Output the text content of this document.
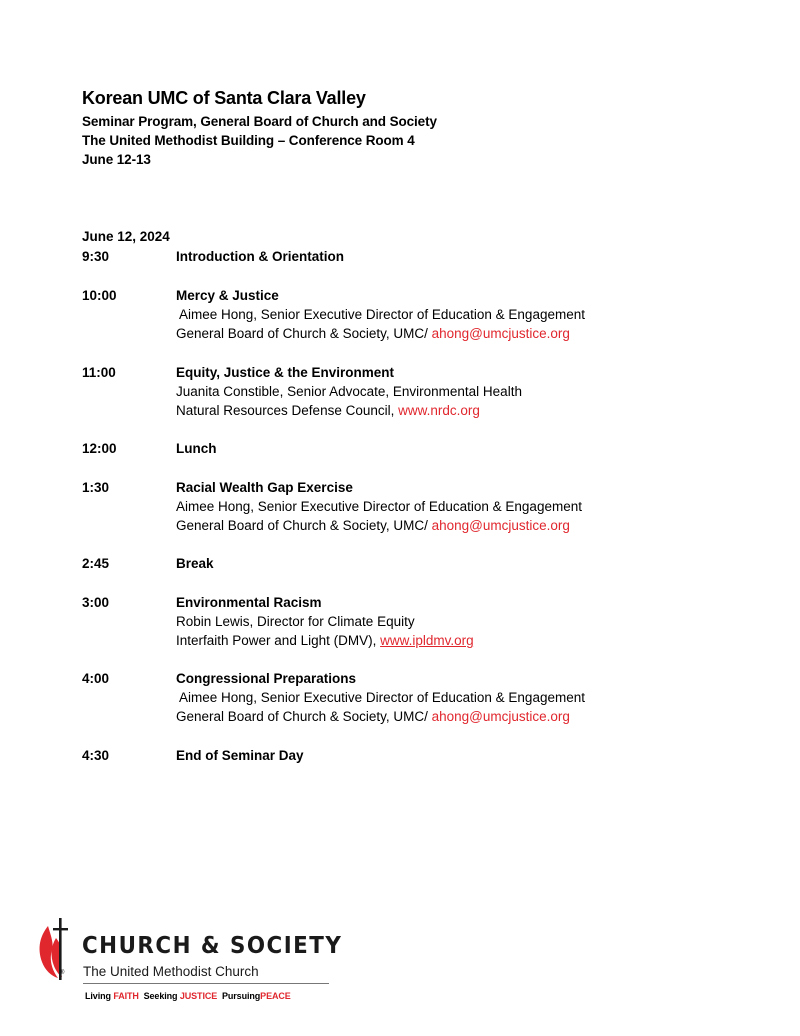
Korean UMC of Santa Clara Valley
Seminar Program, General Board of Church and Society
The United Methodist Building – Conference Room 4
June 12-13
June 12, 2024
9:30	Introduction & Orientation
10:00	Mercy & Justice
Aimee Hong, Senior Executive Director of Education & Engagement
General Board of Church & Society, UMC/ ahong@umcjustice.org
11:00	Equity, Justice & the Environment
Juanita Constible, Senior Advocate, Environmental Health
Natural Resources Defense Council, www.nrdc.org
12:00	Lunch
1:30	Racial Wealth Gap Exercise
Aimee Hong, Senior Executive Director of Education & Engagement
General Board of Church & Society, UMC/ ahong@umcjustice.org
2:45	Break
3:00	Environmental Racism
Robin Lewis, Director for Climate Equity
Interfaith Power and Light (DMV), www.ipldmv.org
4:00	Congressional Preparations
Aimee Hong, Senior Executive Director of Education & Engagement
General Board of Church & Society, UMC/ ahong@umcjustice.org
4:30	End of Seminar Day
®
CHURCH & SOCIETY
The United Methodist Church
Living FAITH  Seeking JUSTICE  PursuingPEACE
